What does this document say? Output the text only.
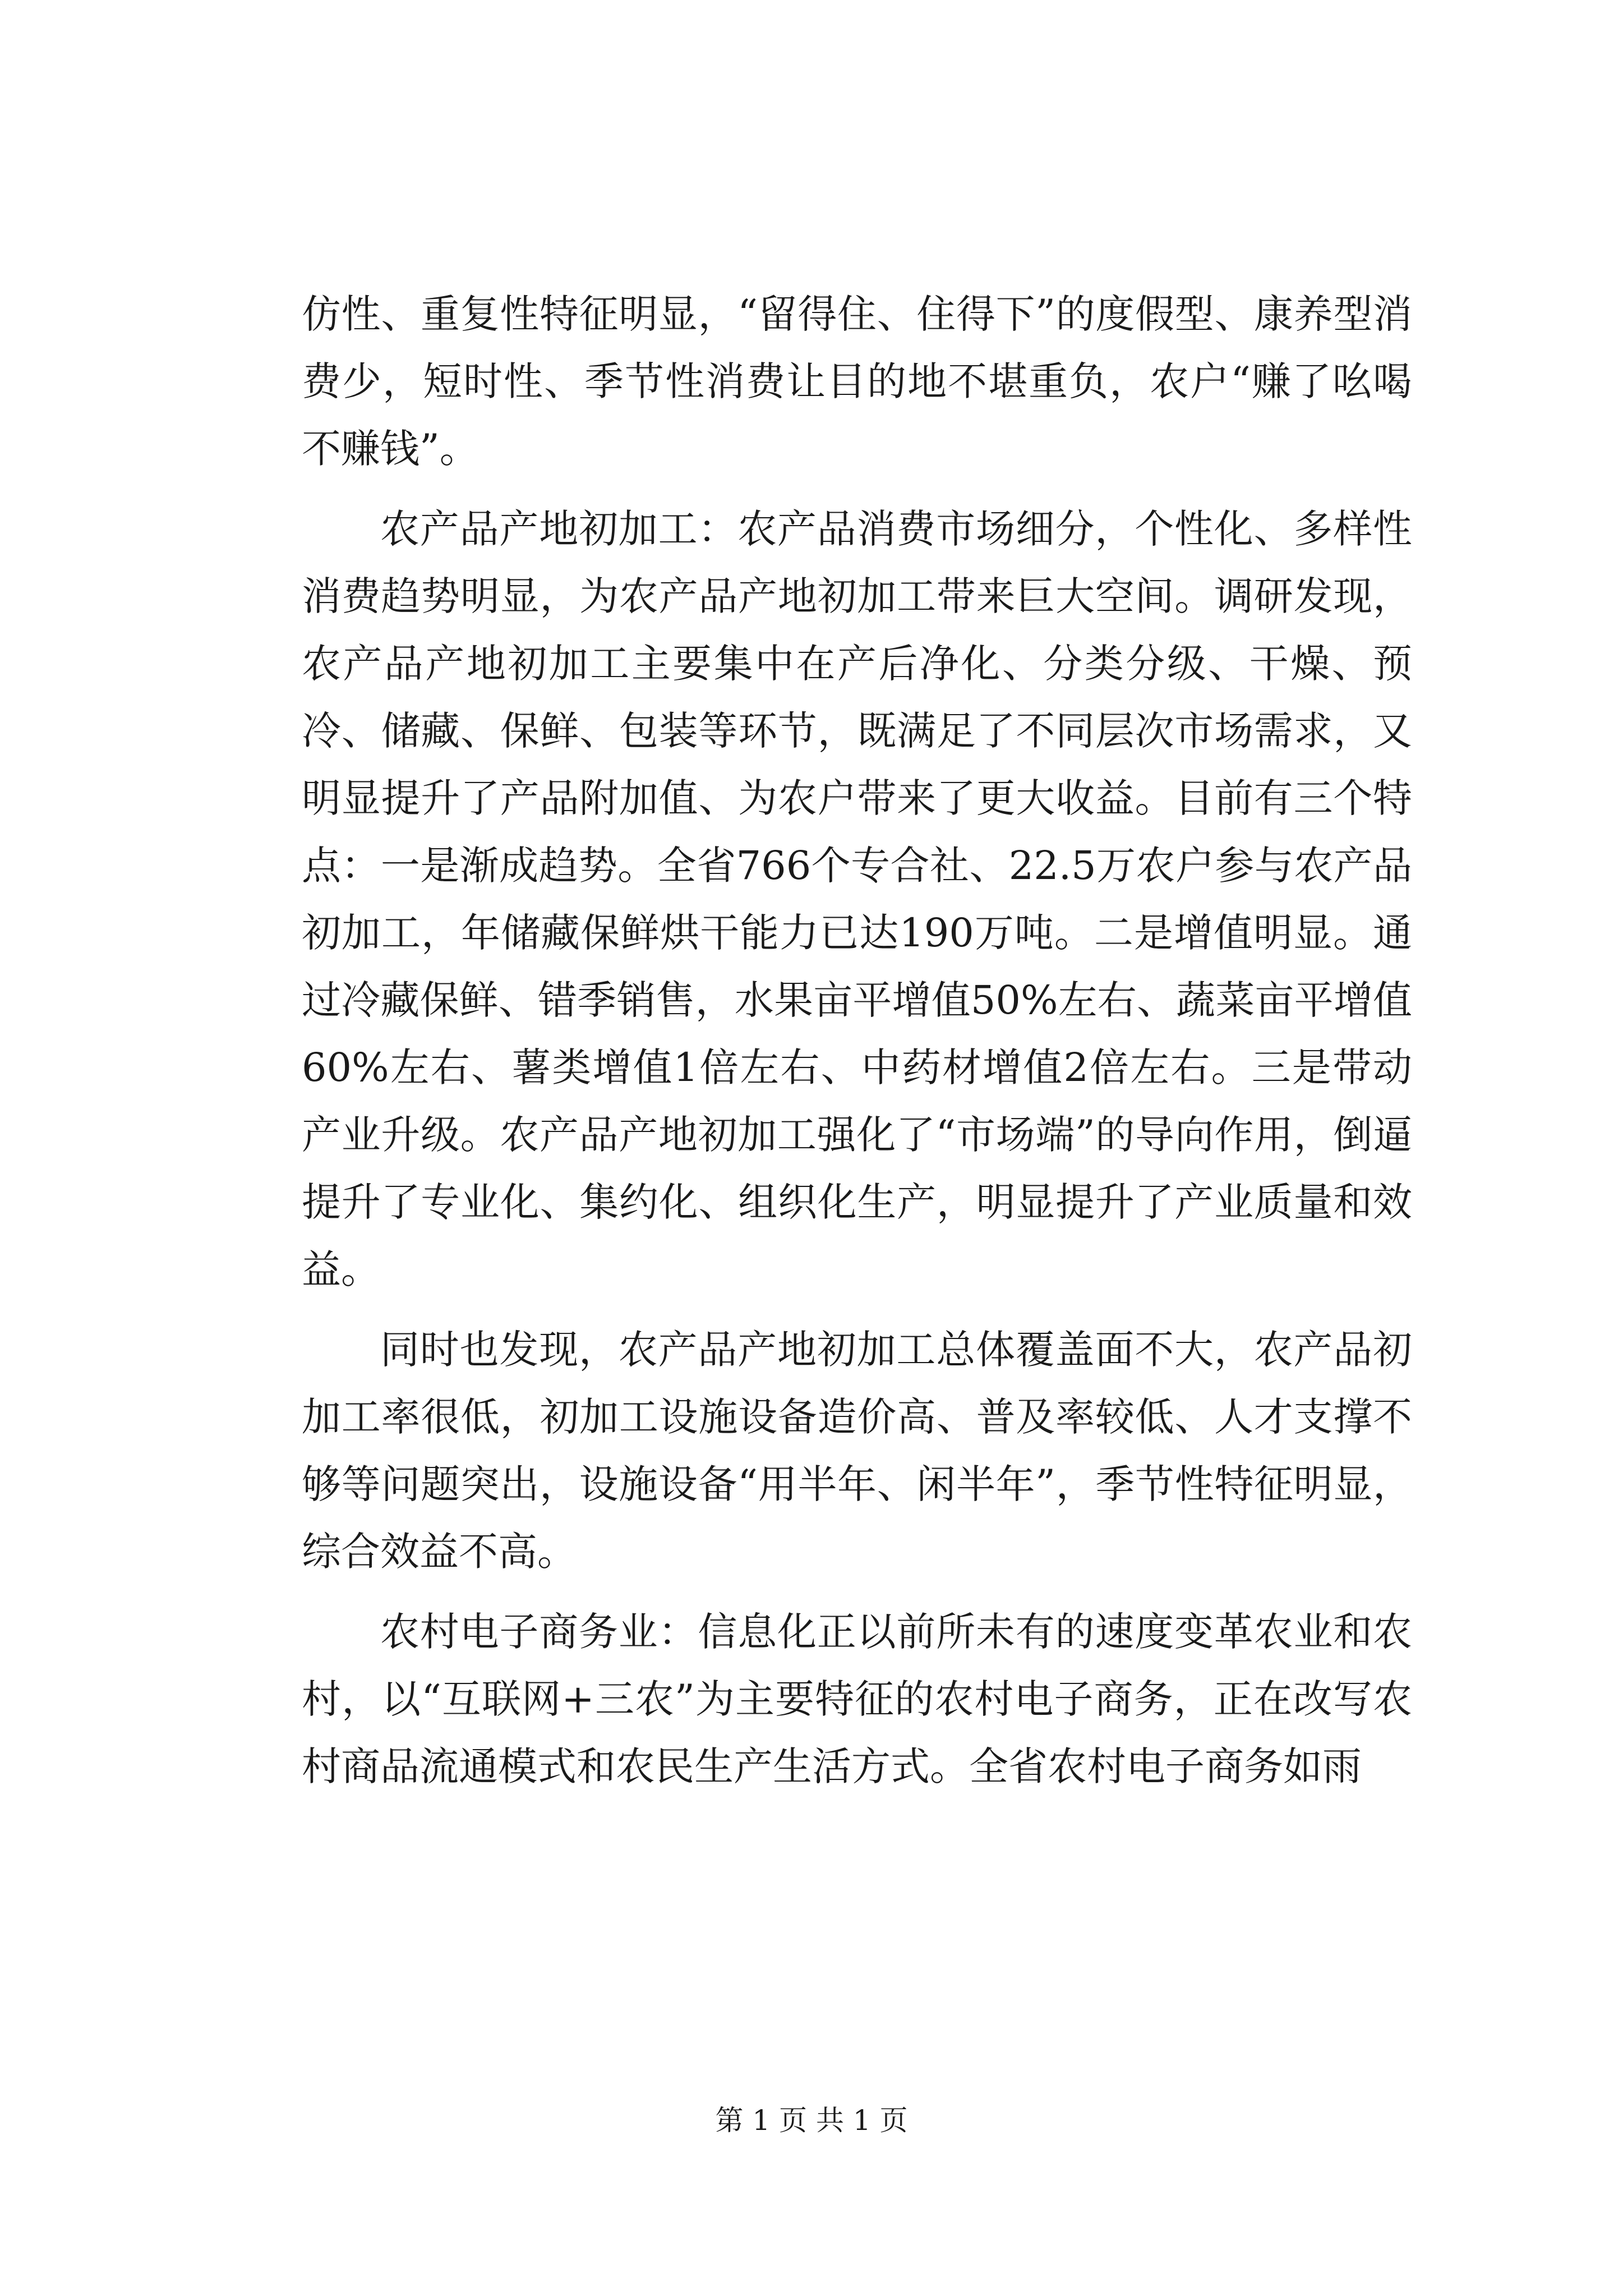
仿性、重复性特征明显，“留得住、住得下”的度假型、康养型消费少，短时性、季节性消费让目的地不堪重负，农户“赚了吆喝不赚钱”。

农产品产地初加工：农产品消费市场细分，个性化、多样性消费趋势明显，为农产品产地初加工带来巨大空间。调研发现，农产品产地初加工主要集中在产后净化、分类分级、干燥、预冷、储藏、保鲜、包装等环节，既满足了不同层次市场需求，又明显提升了产品附加值、为农户带来了更大收益。目前有三个特点：一是渐成趋势。全省766个专合社、22.5万农户参与农产品初加工，年储藏保鲜烘干能力已达190万吨。二是增值明显。通过冷藏保鲜、错季销售，水果亩平增值50%左右、蔬菜亩平增值60%左右、薯类增值1倍左右、中药材增值2倍左右。三是带动产业升级。农产品产地初加工强化了“市场端”的导向作用，倒逼提升了专业化、集约化、组织化生产，明显提升了产业质量和效益。

同时也发现，农产品产地初加工总体覆盖面不大，农产品初加工率很低，初加工设施设备造价高、普及率较低、人才支撑不够等问题突出，设施设备“用半年、闲半年”，季节性特征明显，综合效益不高。

农村电子商务业：信息化正以前所未有的速度变革农业和农村，以“互联网+三农”为主要特征的农村电子商务，正在改写农村商品流通模式和农民生产生活方式。全省农村电子商务如雨

第 1 页 共 1 页
